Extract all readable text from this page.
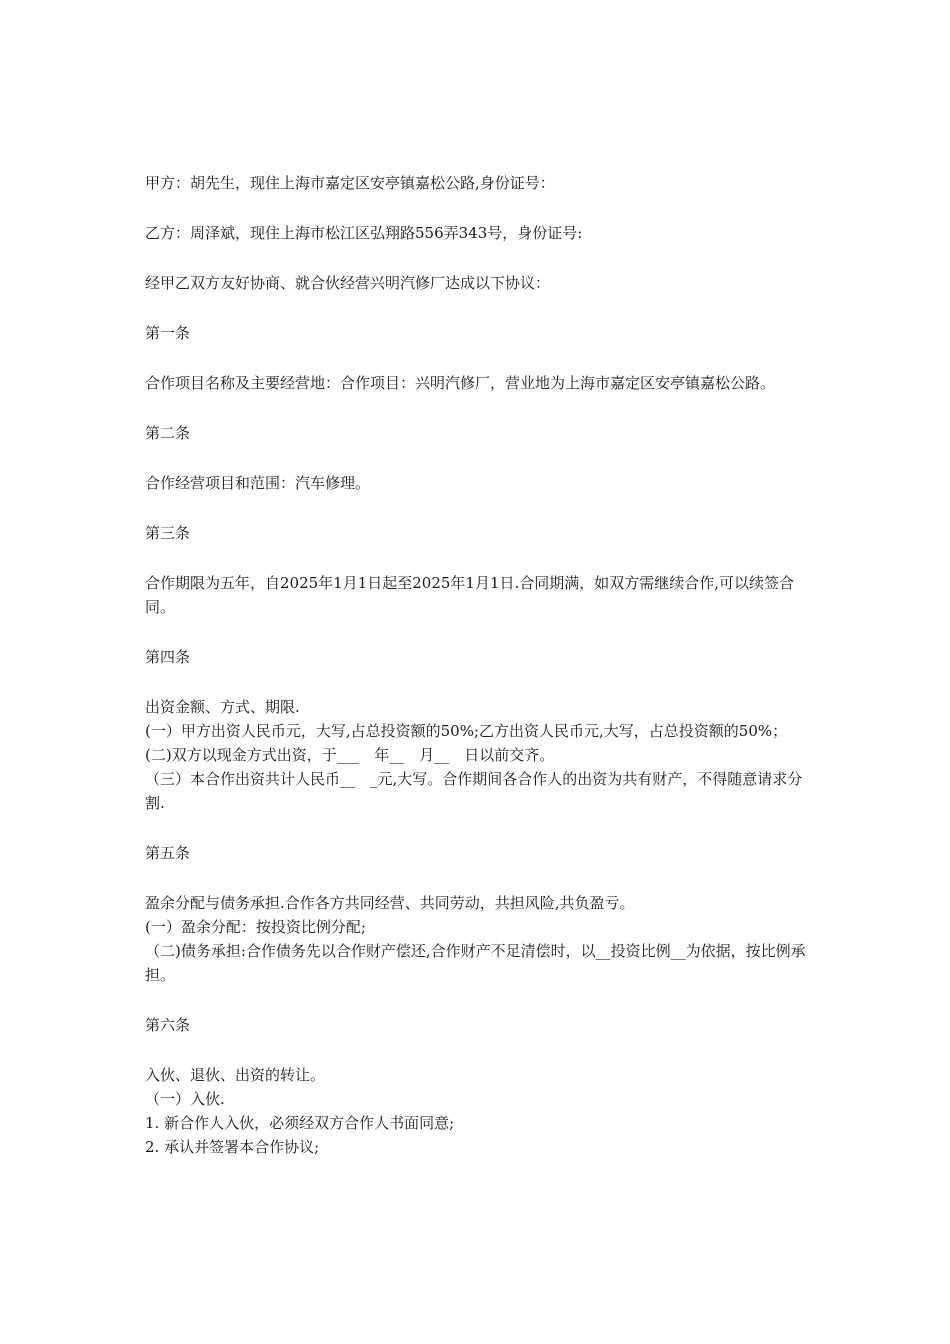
甲方：胡先生，现住上海市嘉定区安亭镇嘉松公路,身份证号：

乙方：周泽斌，现住上海市松江区弘翔路556弄343号，身份证号:

经甲乙双方友好协商、就合伙经营兴明汽修厂达成以下协议：

第一条

合作项目名称及主要经营地：合作项目：兴明汽修厂，营业地为上海市嘉定区安亭镇嘉松公路。

第二条

合作经营项目和范围：汽车修理。

第三条

合作期限为五年，自2025年1月1日起至2025年1月1日.合同期满，如双方需继续合作,可以续签合同。

第四条

出资金额、方式、期限.

(一）甲方出资人民币元，大写,占总投资额的50%;乙方出资人民币元,大写，占总投资额的50%；

(二)双方以现金方式出资，于___　年__　月__　日以前交齐。

（三）本合作出资共计人民币__　_元,大写。合作期间各合作人的出资为共有财产，不得随意请求分割.

第五条

盈余分配与债务承担.合作各方共同经营、共同劳动，共担风险,共负盈亏。

(一）盈余分配：按投资比例分配;

（二)债务承担:合作债务先以合作财产偿还,合作财产不足清偿时，以__投资比例__为依据，按比例承担。

第六条

入伙、退伙、出资的转让。

（一）入伙.

1. 新合作人入伙，必须经双方合作人书面同意;

2. 承认并签署本合作协议;
